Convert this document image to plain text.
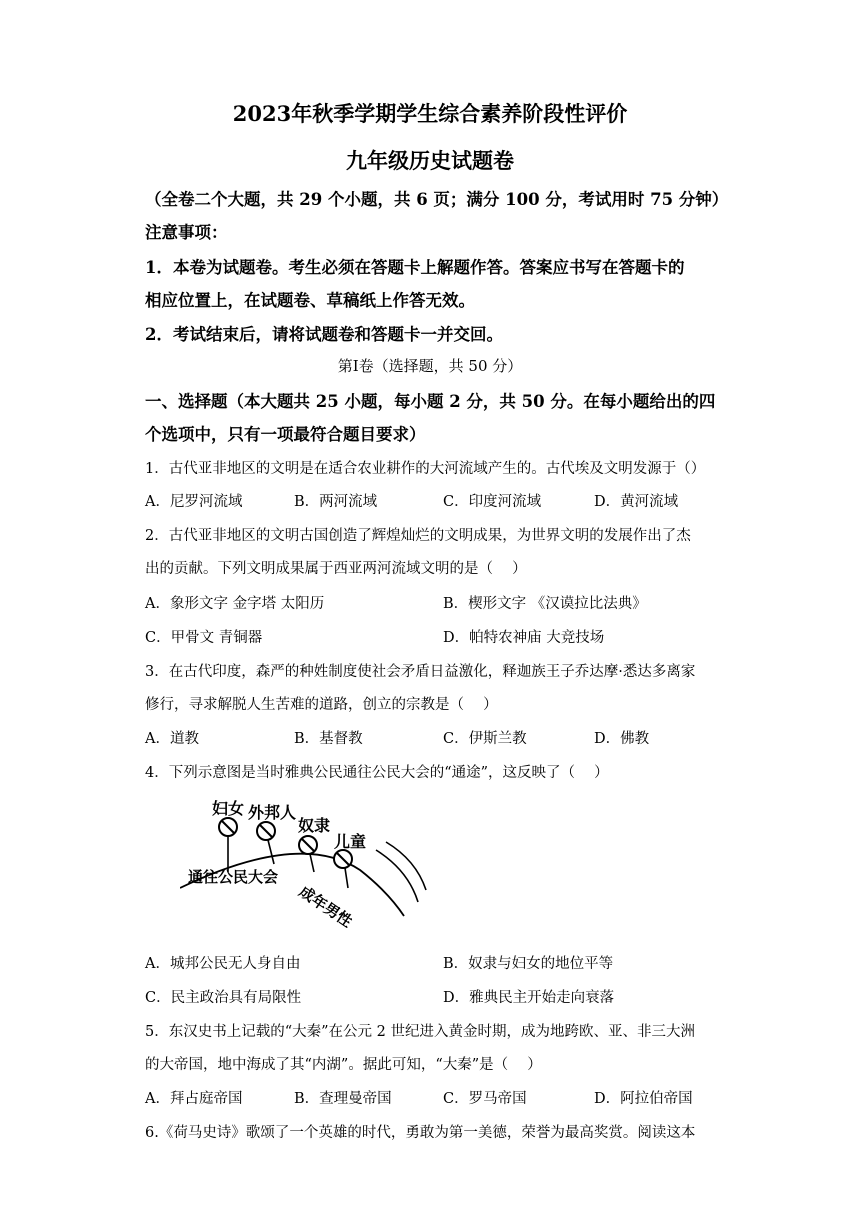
2023年秋季学期学生综合素养阶段性评价
九年级历史试题卷
（全卷二个大题，共 29 个小题，共 6 页；满分 100 分，考试用时 75 分钟）
注意事项：
1．本卷为试题卷。考生必须在答题卡上解题作答。答案应书写在答题卡的
相应位置上，在试题卷、草稿纸上作答无效。
2．考试结束后，请将试题卷和答题卡一并交回。
第Ⅰ卷（选择题，共 50 分）
一、选择题（本大题共 25 小题，每小题 2 分，共 50 分。在每小题给出的四
个选项中，只有一项最符合题目要求）
1．古代亚非地区的文明是在适合农业耕作的大河流域产生的。古代埃及文明发源于（）
A．尼罗河流域	B．两河流域	C．印度河流域	D．黄河流域
2．古代亚非地区的文明古国创造了辉煌灿烂的文明成果，为世界文明的发展作出了杰
出的贡献。下列文明成果属于西亚两河流域文明的是（　 ）
A．象形文字 金字塔 太阳历	B．楔形文字 《汉谟拉比法典》
C．甲骨文 青铜器	D．帕特农神庙 大竞技场
3．在古代印度，森严的种姓制度使社会矛盾日益激化，释迦族王子乔达摩·悉达多离家
修行，寻求解脱人生苦难的道路，创立的宗教是（　 ）
A．道教	B．基督教	C．伊斯兰教	D．佛教
4．下列示意图是当时雅典公民通往公民大会的“通途”，这反映了（　 ）
妇女 外邦人
奴隶
儿童
通往公民大会
成年男性
A．城邦公民无人身自由	B．奴隶与妇女的地位平等
C．民主政治具有局限性	D．雅典民主开始走向衰落
5．东汉史书上记载的“大秦”在公元 2 世纪进入黄金时期，成为地跨欧、亚、非三大洲
的大帝国，地中海成了其“内湖”。据此可知，“大秦”是（　 ）
A．拜占庭帝国	B．查理曼帝国	C．罗马帝国	D．阿拉伯帝国
6.《荷马史诗》歌颂了一个英雄的时代，勇敢为第一美德，荣誉为最高奖赏。阅读这本
